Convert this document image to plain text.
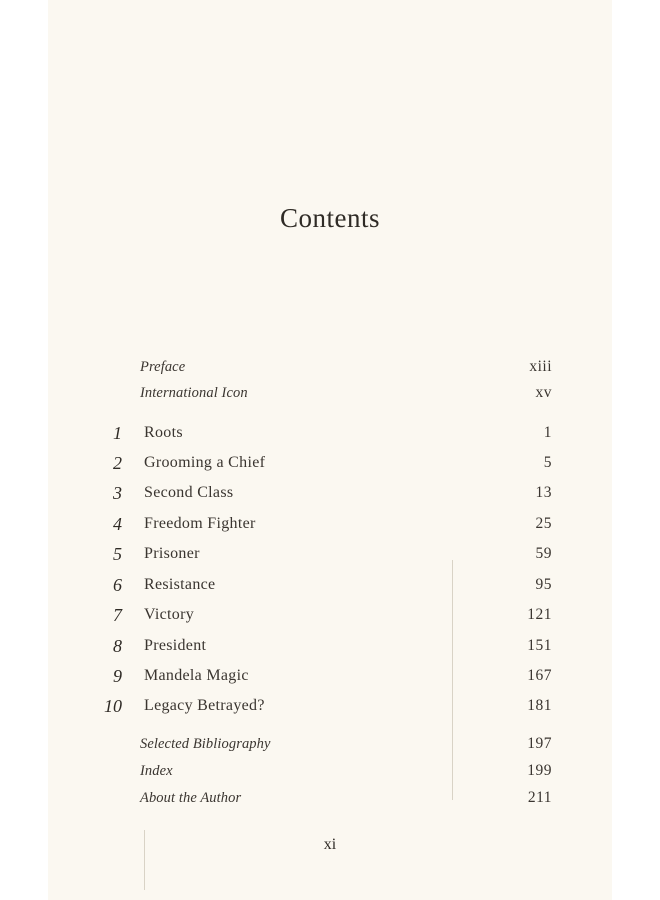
Contents
Preface	xiii
International Icon	xv
1 Roots	1
2 Grooming a Chief	5
3 Second Class	13
4 Freedom Fighter	25
5 Prisoner	59
6 Resistance	95
7 Victory	121
8 President	151
9 Mandela Magic	167
10 Legacy Betrayed?	181
Selected Bibliography	197
Index	199
About the Author	211
xi
